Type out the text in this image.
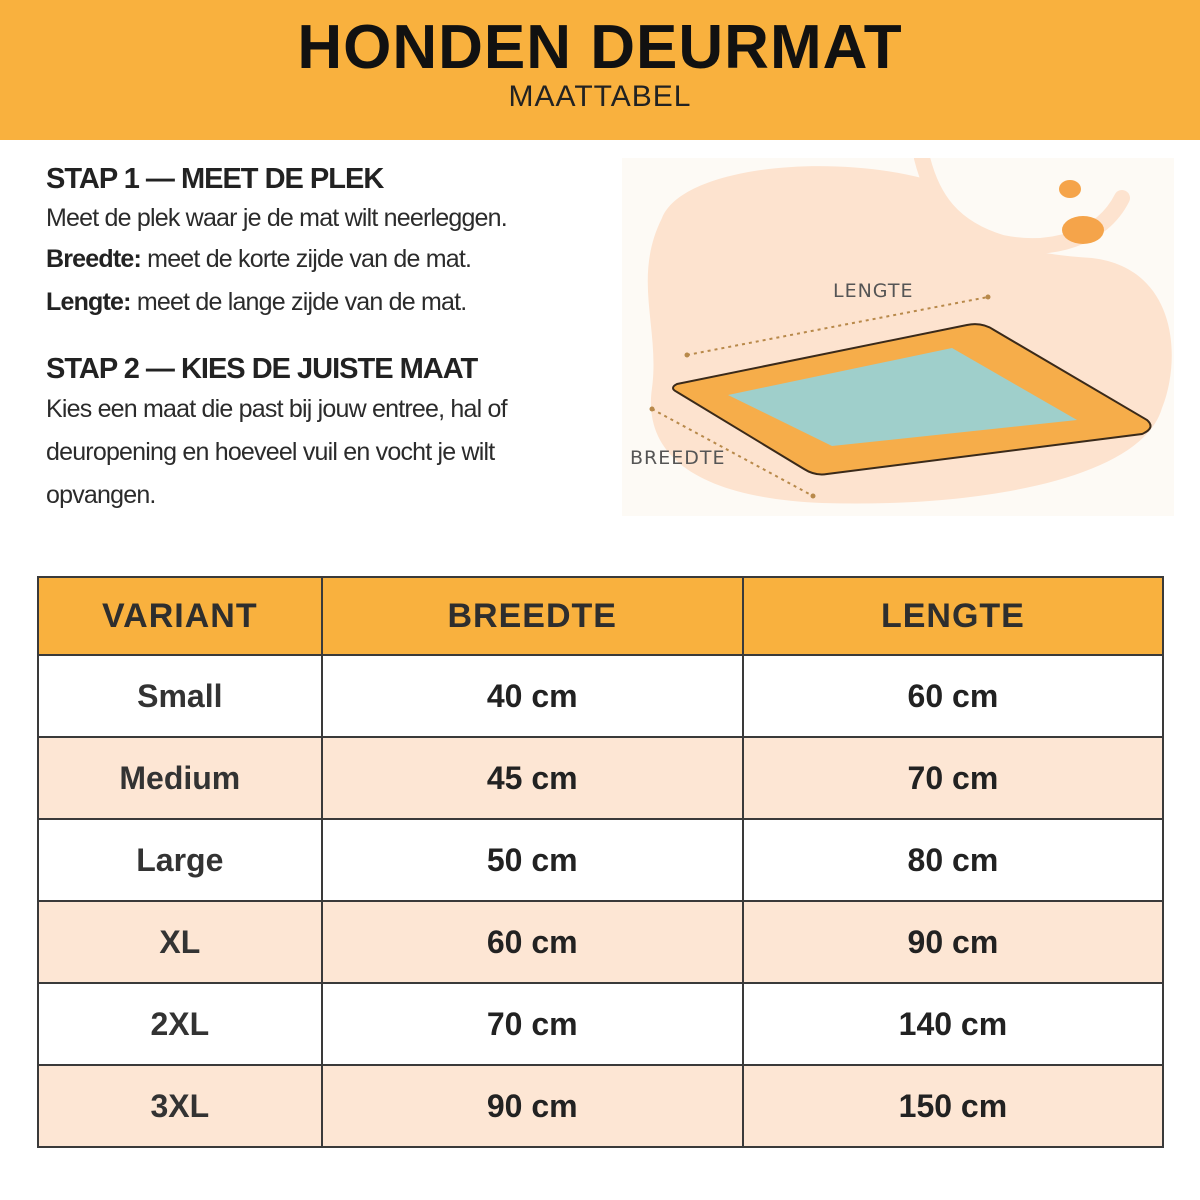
HONDEN DEURMAT
MAATTABEL

STAP 1 — MEET DE PLEK

Meet de plek waar je de mat wilt neerleggen.

Breedte: meet de korte zijde van de mat.

Lengte: meet de lange zijde van de mat.

STAP 2 — KIES DE JUISTE MAAT

Kies een maat die past bij jouw entree, hal of

deuropening en hoeveel vuil en vocht je wilt

opvangen.

LENGTE
BREEDTE
VARIANT	BREEDTE	LENGTE
Small	40 cm	60 cm
Medium	45 cm	70 cm
Large	50 cm	80 cm
XL	60 cm	90 cm
2XL	70 cm	140 cm
3XL	90 cm	150 cm
